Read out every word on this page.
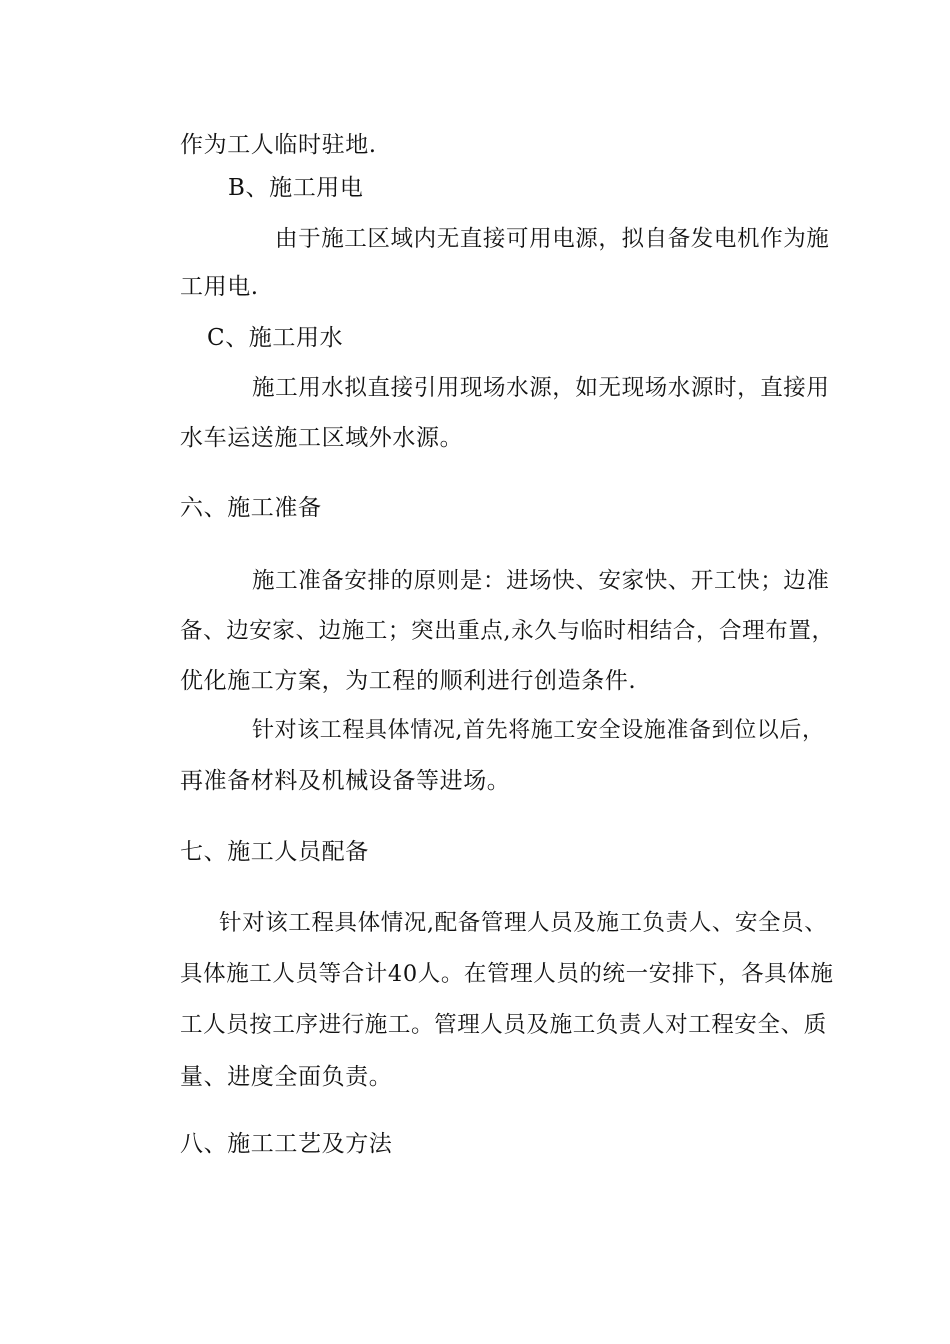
作为工人临时驻地.
B、施工用电
由于施工区域内无直接可用电源，拟自备发电机作为施
工用电.
C、施工用水
施工用水拟直接引用现场水源，如无现场水源时，直接用
水车运送施工区域外水源。
六、施工准备
施工准备安排的原则是：进场快、安家快、开工快；边准
备、边安家、边施工；突出重点,永久与临时相结合，合理布置，
优化施工方案，为工程的顺利进行创造条件.
针对该工程具体情况,首先将施工安全设施准备到位以后，
再准备材料及机械设备等进场。
七、施工人员配备
针对该工程具体情况,配备管理人员及施工负责人、安全员、
具体施工人员等合计40人。在管理人员的统一安排下，各具体施
工人员按工序进行施工。管理人员及施工负责人对工程安全、质
量、进度全面负责。
八、施工工艺及方法
